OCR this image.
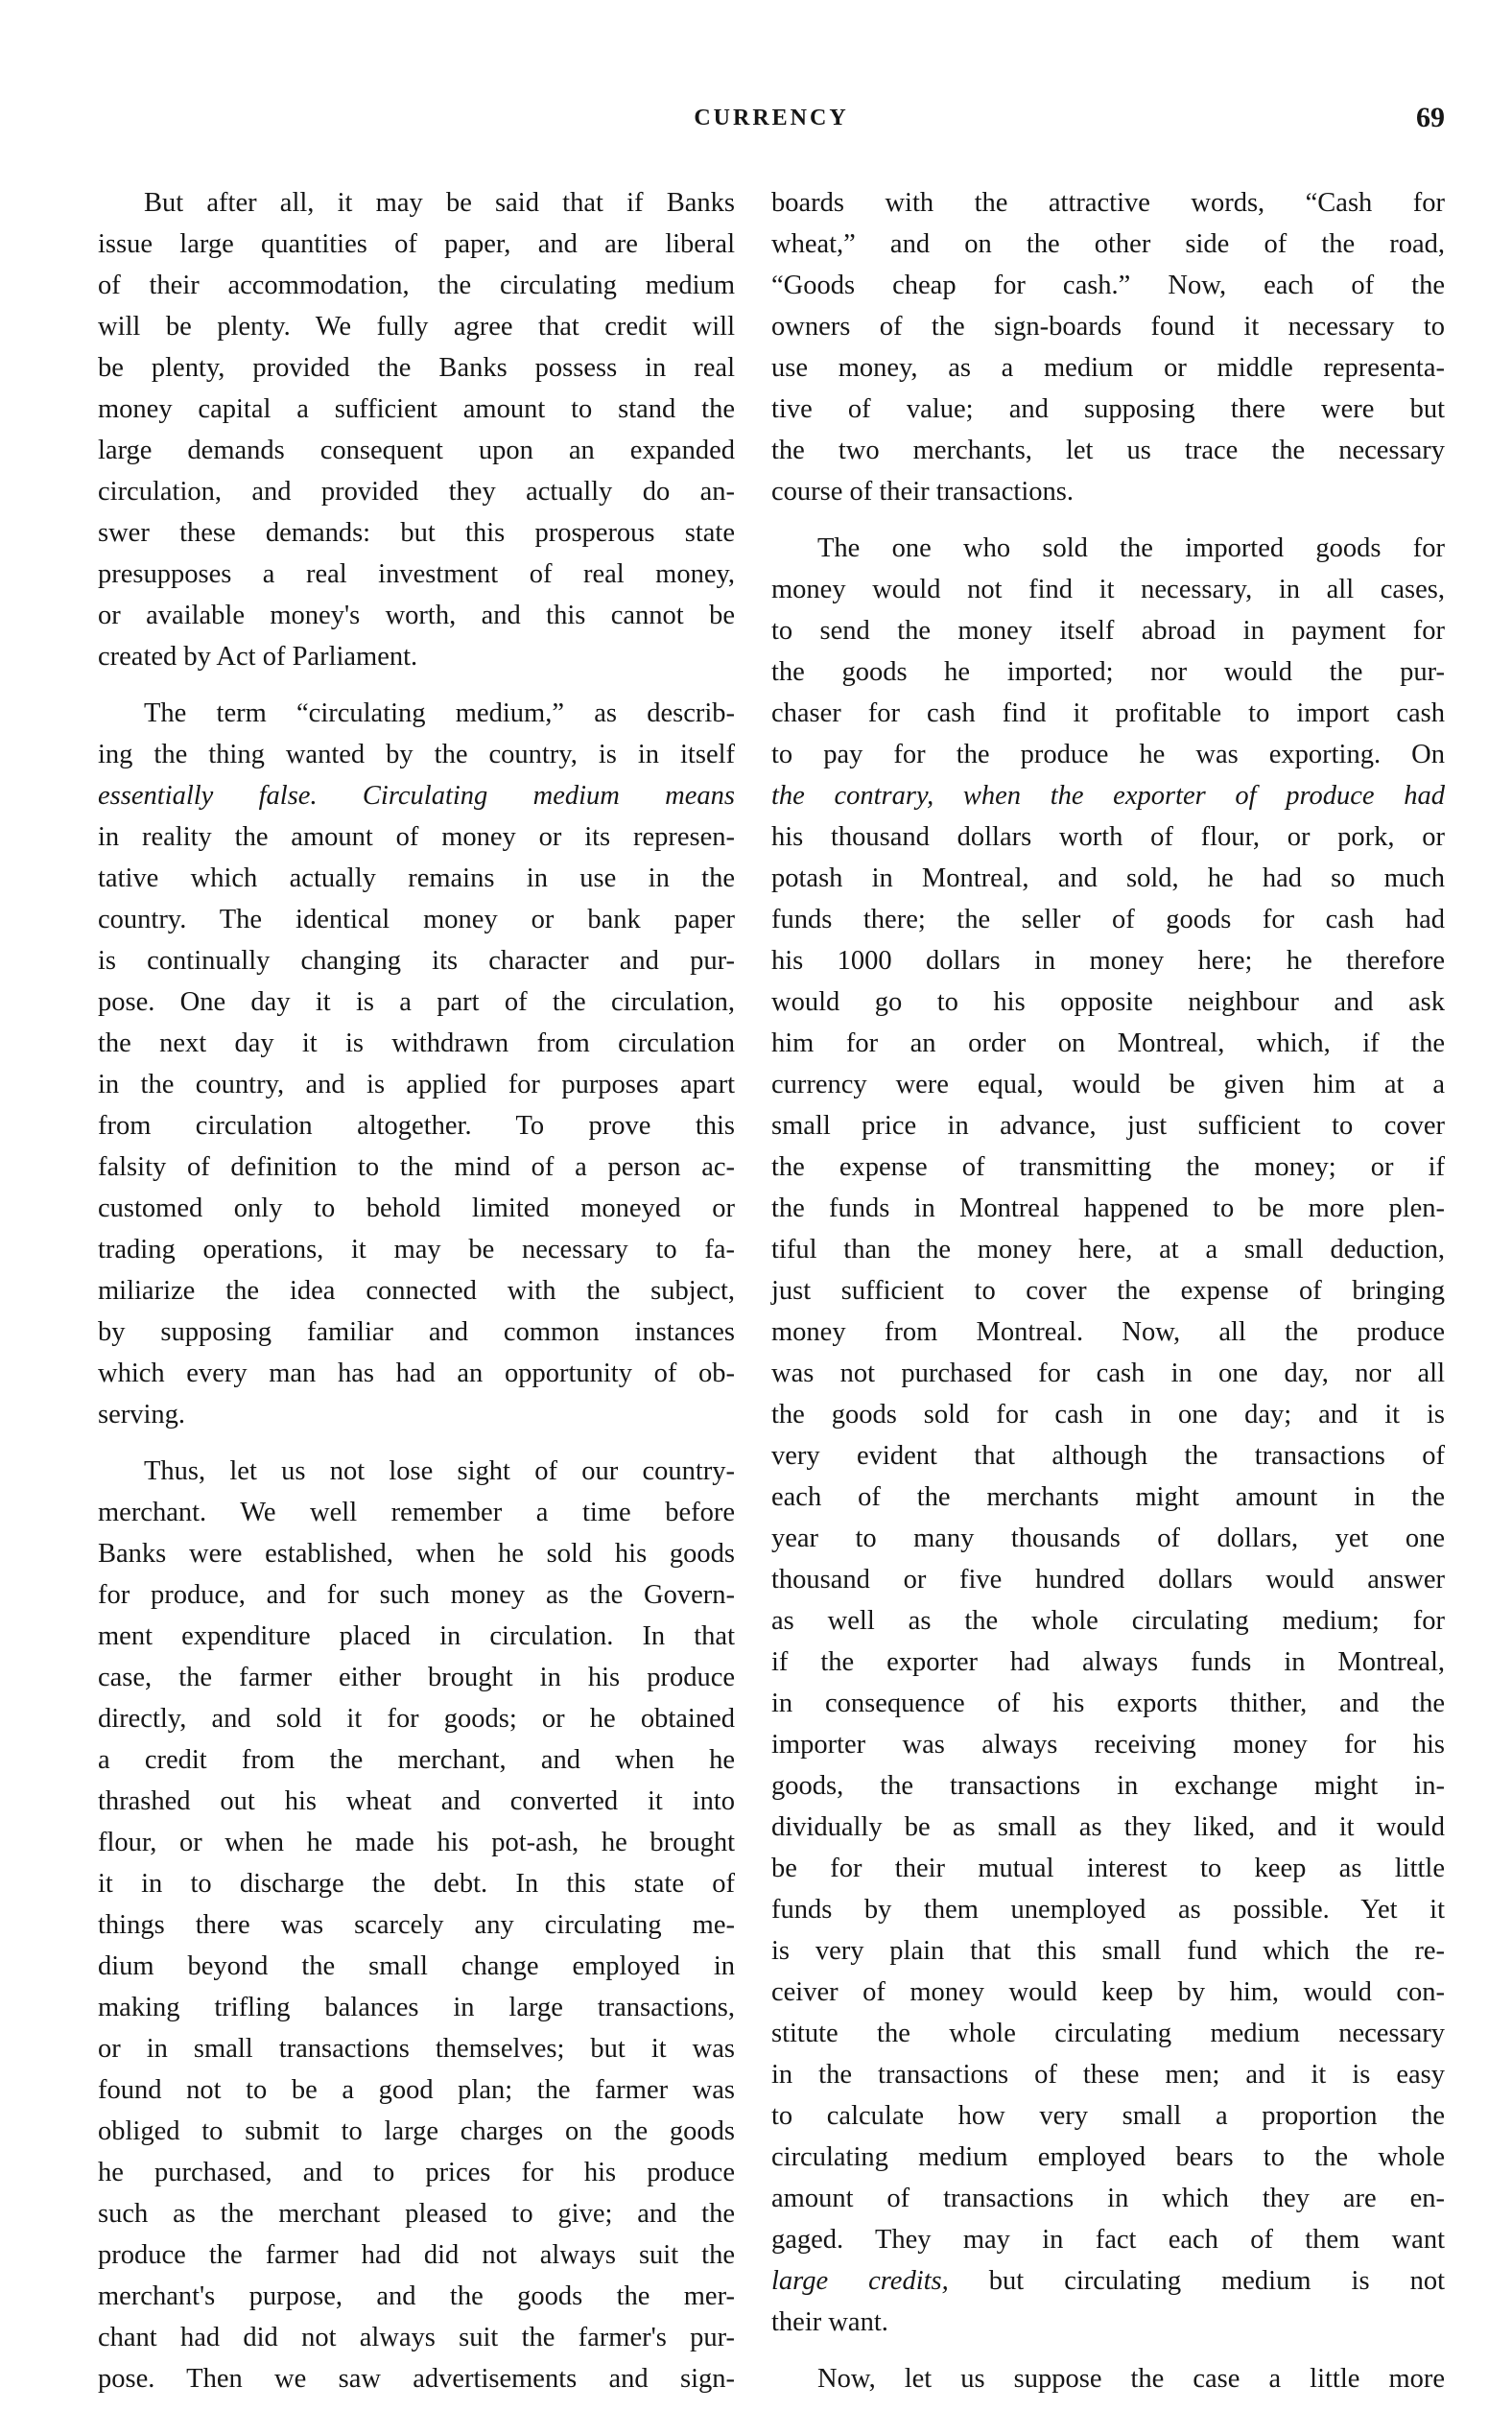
CURRENCY	69
But after all, it may be said that if Banks
issue large quantities of paper, and are liberal
of their accommodation, the circulating medium
will be plenty. We fully agree that credit will
be plenty, provided the Banks possess in real
money capital a sufficient amount to stand the
large demands consequent upon an expanded
circulation, and provided they actually do an-
swer these demands: but this prosperous state
presupposes a real investment of real money,
or available money's worth, and this cannot be
created by Act of Parliament.
The term “circulating medium,” as describ-
ing the thing wanted by the country, is in itself
essentially false. Circulating medium means
in reality the amount of money or its represen-
tative which actually remains in use in the
country. The identical money or bank paper
is continually changing its character and pur-
pose. One day it is a part of the circulation,
the next day it is withdrawn from circulation
in the country, and is applied for purposes apart
from circulation altogether. To prove this
falsity of definition to the mind of a person ac-
customed only to behold limited moneyed or
trading operations, it may be necessary to fa-
miliarize the idea connected with the subject,
by supposing familiar and common instances
which every man has had an opportunity of ob-
serving.
Thus, let us not lose sight of our country-
merchant. We well remember a time before
Banks were established, when he sold his goods
for produce, and for such money as the Govern-
ment expenditure placed in circulation. In that
case, the farmer either brought in his produce
directly, and sold it for goods; or he obtained
a credit from the merchant, and when he
thrashed out his wheat and converted it into
flour, or when he made his pot-ash, he brought
it in to discharge the debt. In this state of
things there was scarcely any circulating me-
dium beyond the small change employed in
making trifling balances in large transactions,
or in small transactions themselves; but it was
found not to be a good plan; the farmer was
obliged to submit to large charges on the goods
he purchased, and to prices for his produce
such as the merchant pleased to give; and the
produce the farmer had did not always suit the
merchant's purpose, and the goods the mer-
chant had did not always suit the farmer's pur-
pose. Then we saw advertisements and sign-
boards with the attractive words, “Cash for
wheat,” and on the other side of the road,
“Goods cheap for cash.” Now, each of the
owners of the sign-boards found it necessary to
use money, as a medium or middle representa-
tive of value; and supposing there were but
the two merchants, let us trace the necessary
course of their transactions.
The one who sold the imported goods for
money would not find it necessary, in all cases,
to send the money itself abroad in payment for
the goods he imported; nor would the pur-
chaser for cash find it profitable to import cash
to pay for the produce he was exporting. On
the contrary, when the exporter of produce had
his thousand dollars worth of flour, or pork, or
potash in Montreal, and sold, he had so much
funds there; the seller of goods for cash had
his 1000 dollars in money here; he therefore
would go to his opposite neighbour and ask
him for an order on Montreal, which, if the
currency were equal, would be given him at a
small price in advance, just sufficient to cover
the expense of transmitting the money; or if
the funds in Montreal happened to be more plen-
tiful than the money here, at a small deduction,
just sufficient to cover the expense of bringing
money from Montreal. Now, all the produce
was not purchased for cash in one day, nor all
the goods sold for cash in one day; and it is
very evident that although the transactions of
each of the merchants might amount in the
year to many thousands of dollars, yet one
thousand or five hundred dollars would answer
as well as the whole circulating medium; for
if the exporter had always funds in Montreal,
in consequence of his exports thither, and the
importer was always receiving money for his
goods, the transactions in exchange might in-
dividually be as small as they liked, and it would
be for their mutual interest to keep as little
funds by them unemployed as possible. Yet it
is very plain that this small fund which the re-
ceiver of money would keep by him, would con-
stitute the whole circulating medium necessary
in the transactions of these men; and it is easy
to calculate how very small a proportion the
circulating medium employed bears to the whole
amount of transactions in which they are en-
gaged. They may in fact each of them want
large credits, but circulating medium is not
their want.
Now, let us suppose the case a little more
